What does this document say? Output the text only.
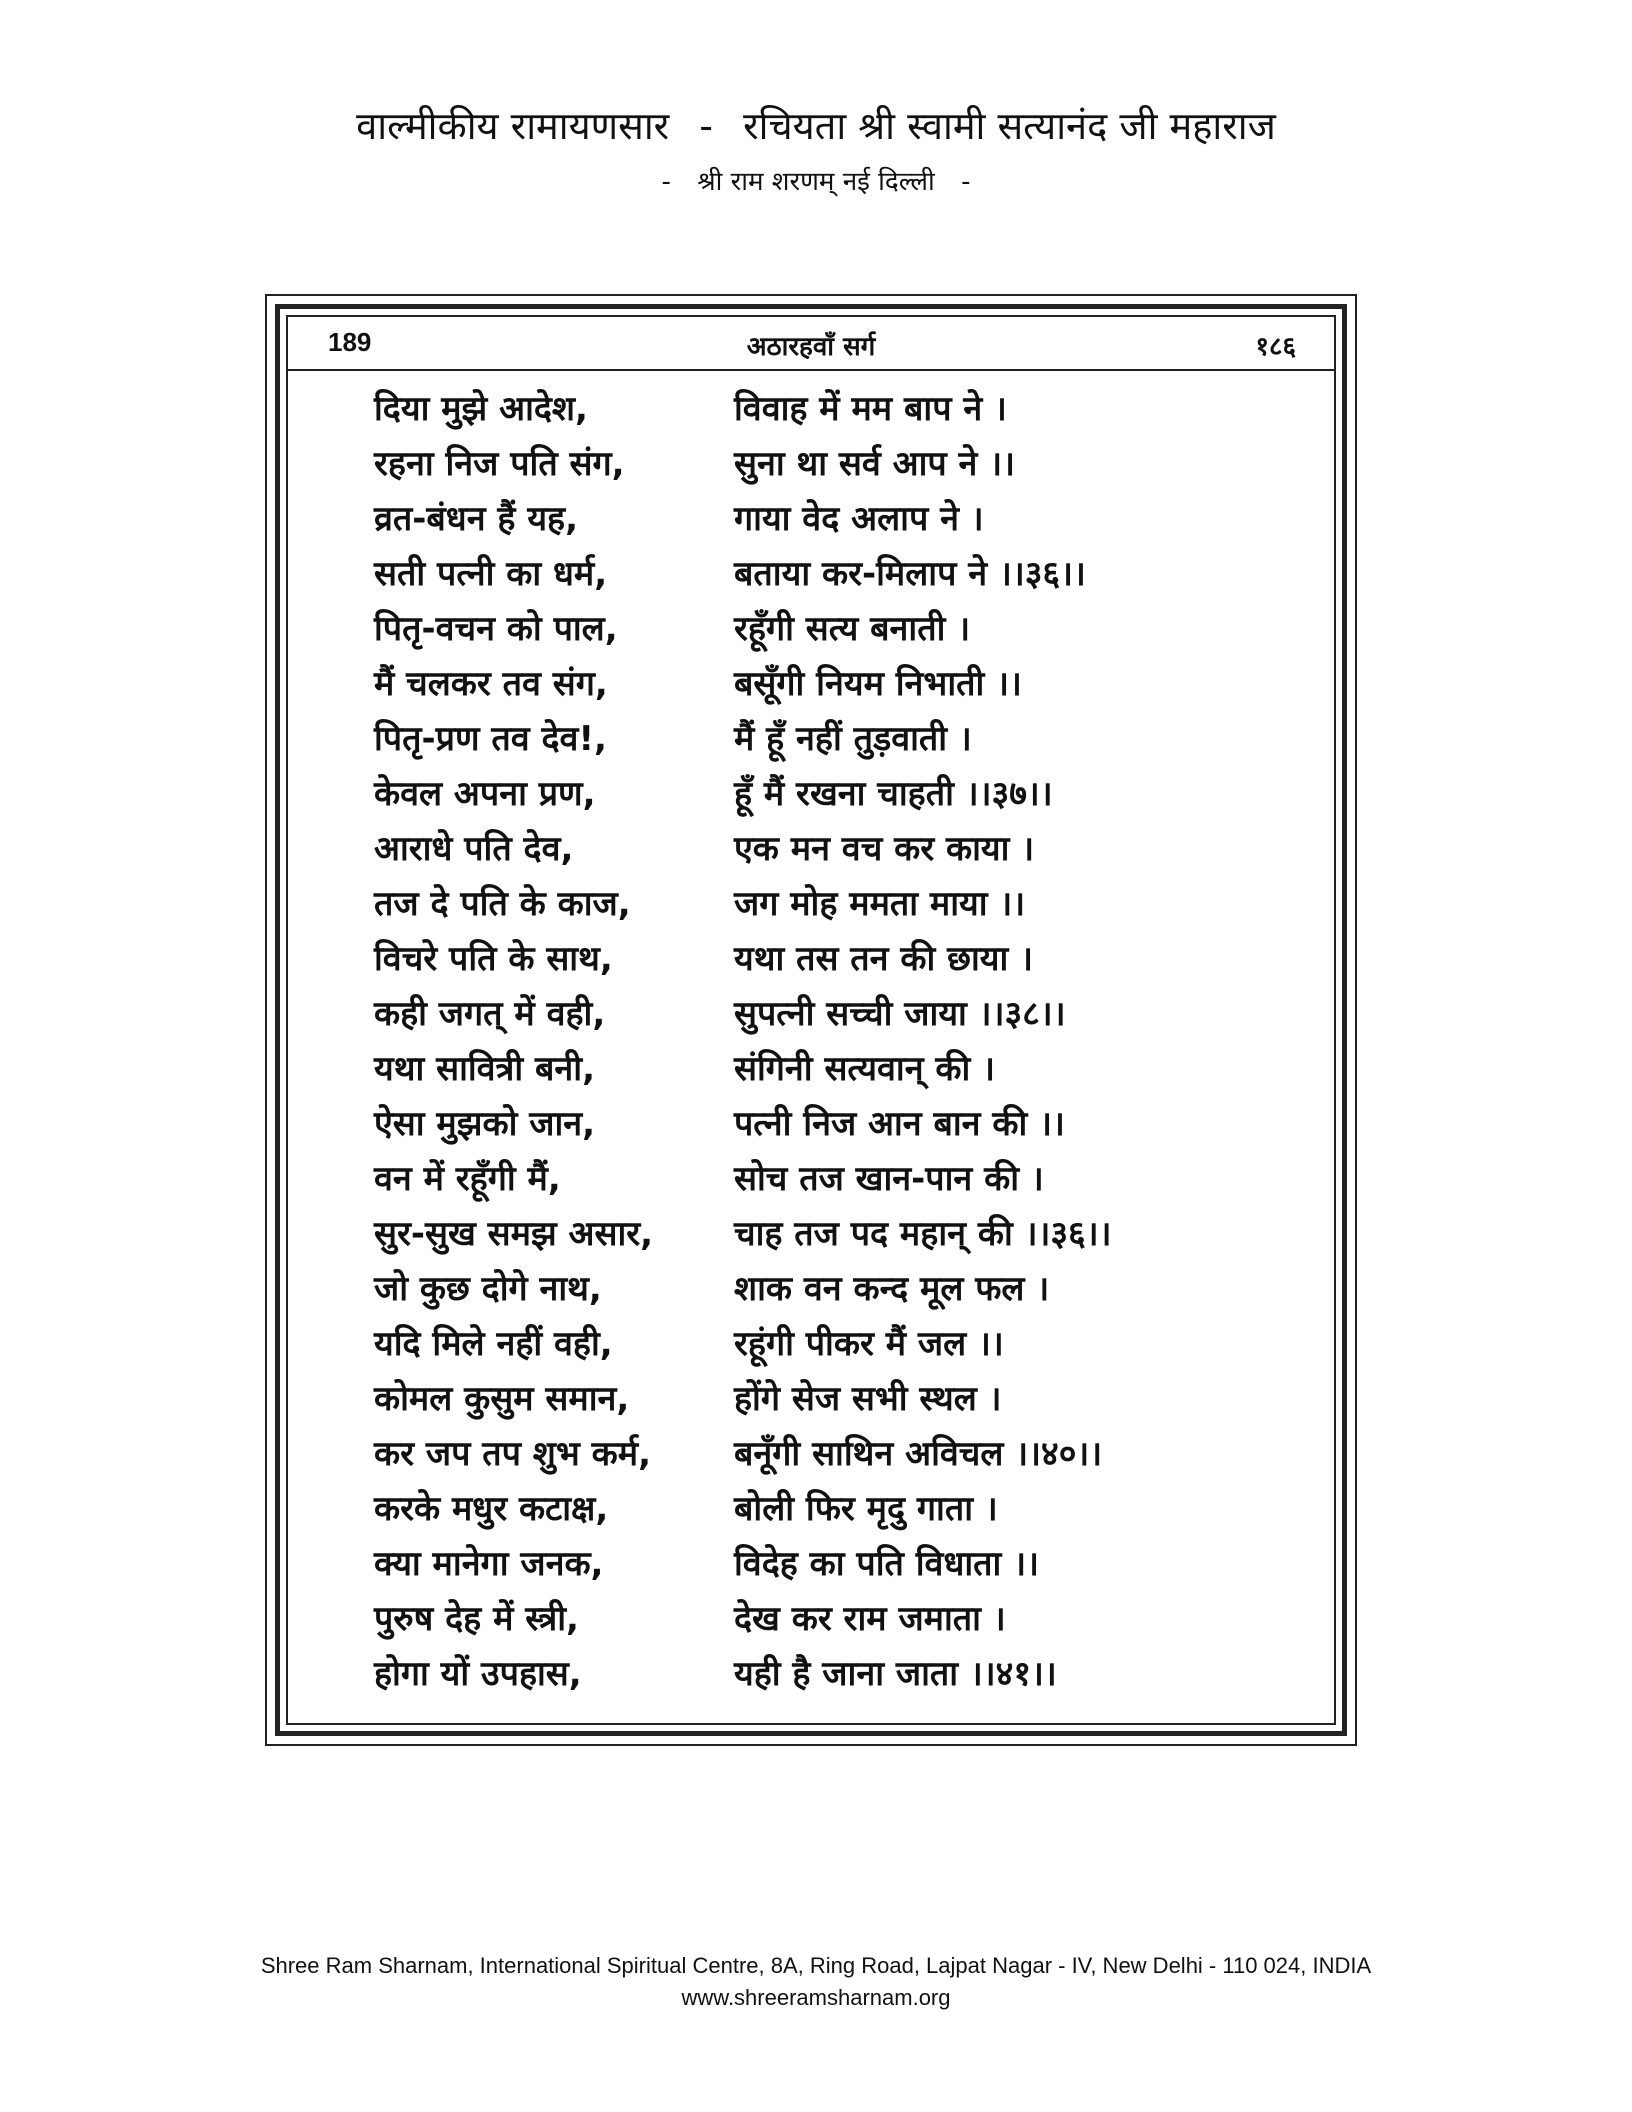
वाल्मीकीय रामायणसार - रचियता श्री स्वामी सत्यानंद जी महाराज
- श्री राम शरणम् नई दिल्ली -
189	अठारहवाँ सर्ग	१८६
दिया मुझे आदेश,	विवाह में मम बाप ने ।
रहना निज पति संग,	सुना था सर्व आप ने ।।
व्रत-बंधन हैं यह,	गाया वेद अलाप ने ।
सती पत्नी का धर्म,	बताया कर-मिलाप ने ।।३६।।
पितृ-वचन को पाल,	रहूँगी सत्य बनाती ।
मैं चलकर तव संग,	बसूँगी नियम निभाती ।।
पितृ-प्रण तव देव!,	मैं हूँ नहीं तुड़वाती ।
केवल अपना प्रण,	हूँ मैं रखना चाहती ।।३७।।
आराधे पति देव,	एक मन वच कर काया ।
तज दे पति के काज,	जग मोह ममता माया ।।
विचरे पति के साथ,	यथा तस तन की छाया ।
कही जगत् में वही,	सुपत्नी सच्ची जाया ।।३८।।
यथा सावित्री बनी,	संगिनी सत्यवान् की ।
ऐसा मुझको जान,	पत्नी निज आन बान की ।।
वन में रहूँगी मैं,	सोच तज खान-पान की ।
सुर-सुख समझ असार,	चाह तज पद महान् की ।।३६।।
जो कुछ दोगे नाथ,	शाक वन कन्द मूल फल ।
यदि मिले नहीं वही,	रहूंगी पीकर मैं जल ।।
कोमल कुसुम समान,	होंगे सेज सभी स्थल ।
कर जप तप शुभ कर्म,	बनूँगी साथिन अविचल ।।४०।।
करके मधुर कटाक्ष,	बोली फिर मृदु गाता ।
क्या मानेगा जनक,	विदेह का पति विधाता ।।
पुरुष देह में स्त्री,	देख कर राम जमाता ।
होगा यों उपहास,	यही है जाना जाता ।।४१।।
Shree Ram Sharnam, International Spiritual Centre, 8A, Ring Road, Lajpat Nagar - IV, New Delhi - 110 024, INDIA
www.shreeramsharnam.org
